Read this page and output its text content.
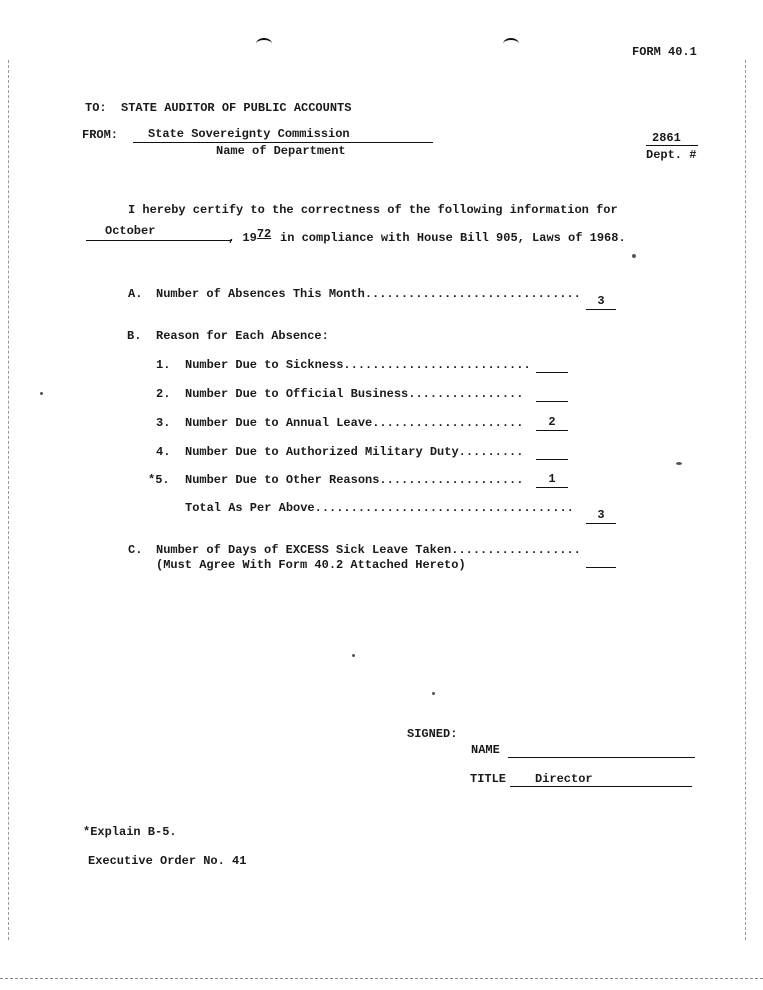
FORM 40.1
TO: STATE AUDITOR OF PUBLIC ACCOUNTS
FROM: State Sovereignty Commission
Name of Department
2861
Dept. #
I hereby certify to the correctness of the following information for
October	, 1972 in compliance with House Bill 905, Laws of 1968.
A. Number of Absences This Month..............................	3
B. Reason for Each Absence:
1. Number Due to Sickness..........................
2. Number Due to Official Business................
3. Number Due to Annual Leave.....................	2
4. Number Due to Authorized Military Duty.........
*5. Number Due to Other Reasons....................	1
Total As Per Above....................................	3
C. Number of Days of EXCESS Sick Leave Taken..................
(Must Agree With Form 40.2 Attached Hereto)
SIGNED:
NAME
TITLE Director
*Explain B-5.
Executive Order No. 41
